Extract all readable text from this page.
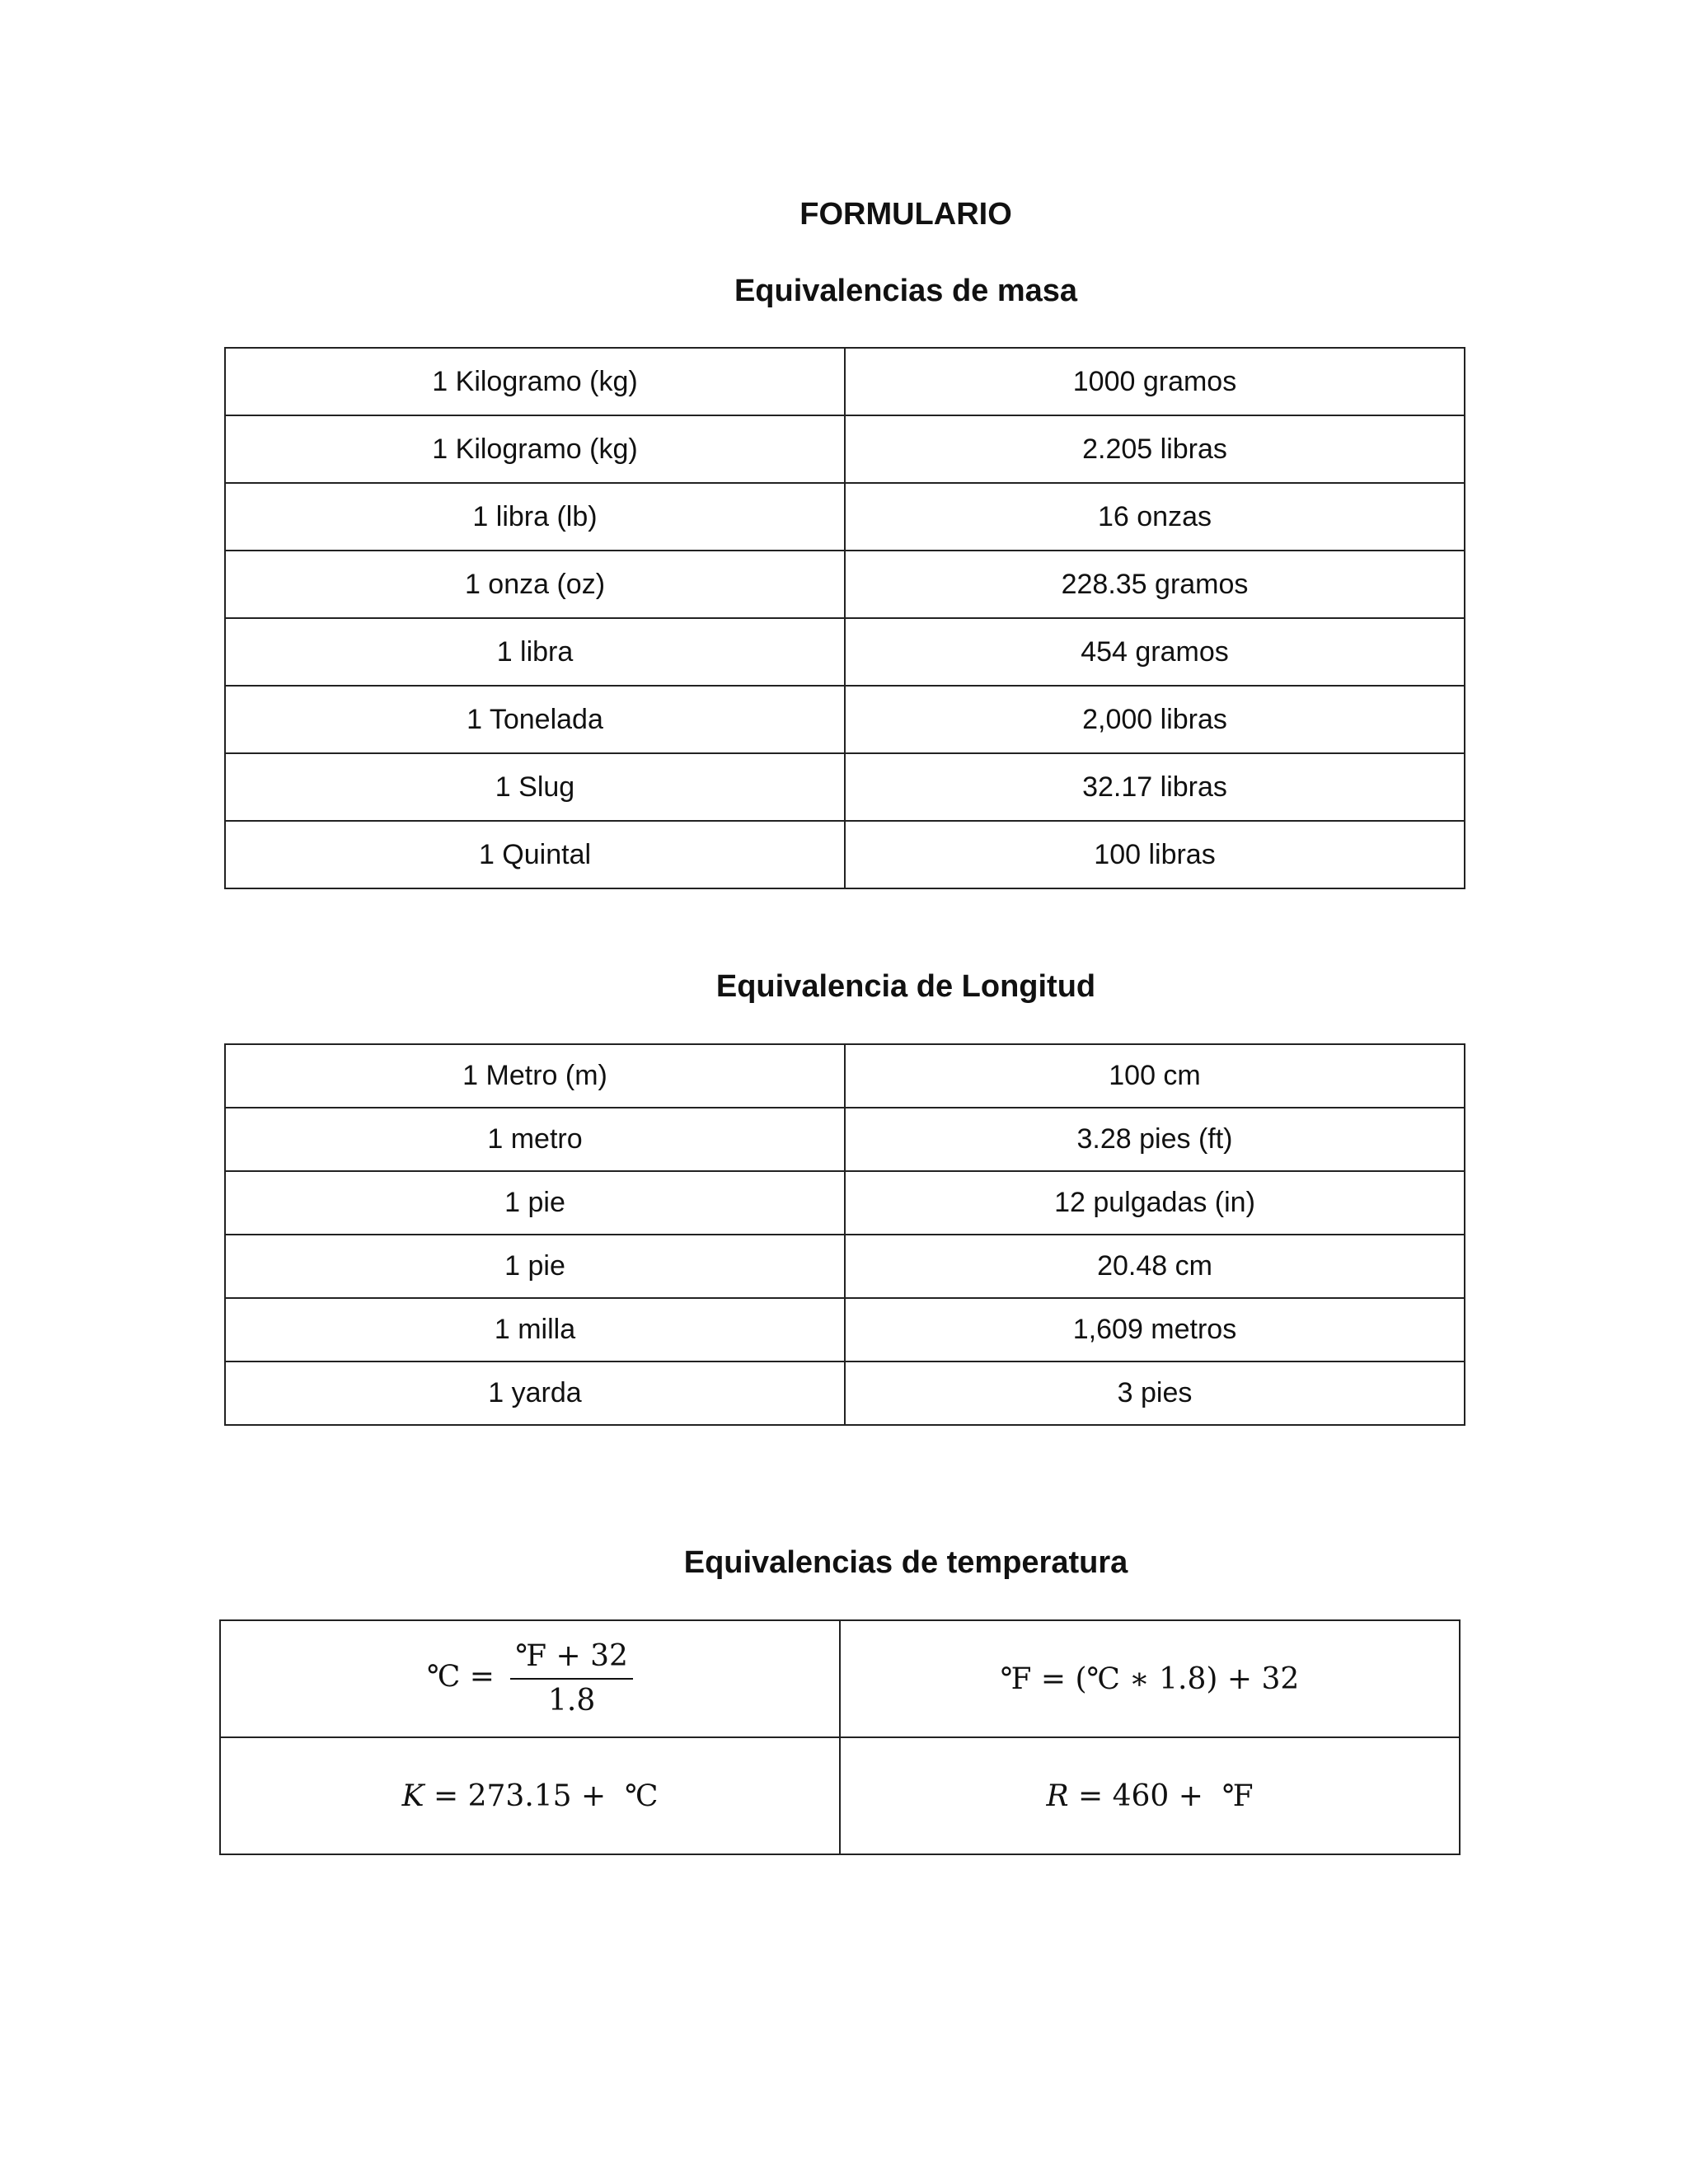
FORMULARIO
Equivalencias de masa
1 Kilogramo (kg)	1000 gramos
1 Kilogramo (kg)	2.205 libras
1 libra (lb)	16 onzas
1 onza (oz)	228.35 gramos
1 libra	454 gramos
1 Tonelada	2,000 libras
1 Slug	32.17 libras
1 Quintal	100 libras
Equivalencia de Longitud
1 Metro (m)	100 cm
1 metro	3.28 pies (ft)
1 pie	12 pulgadas (in)
1 pie	20.48 cm
1 milla	1,609 metros
1 yarda	3 pies
Equivalencias de temperatura
℃ = $\frac{℉ + 32}{1.8}$	℉ = (℃ ∗ 1.8) + 32
K = 273.15 +  ℃	R = 460 +  ℉
